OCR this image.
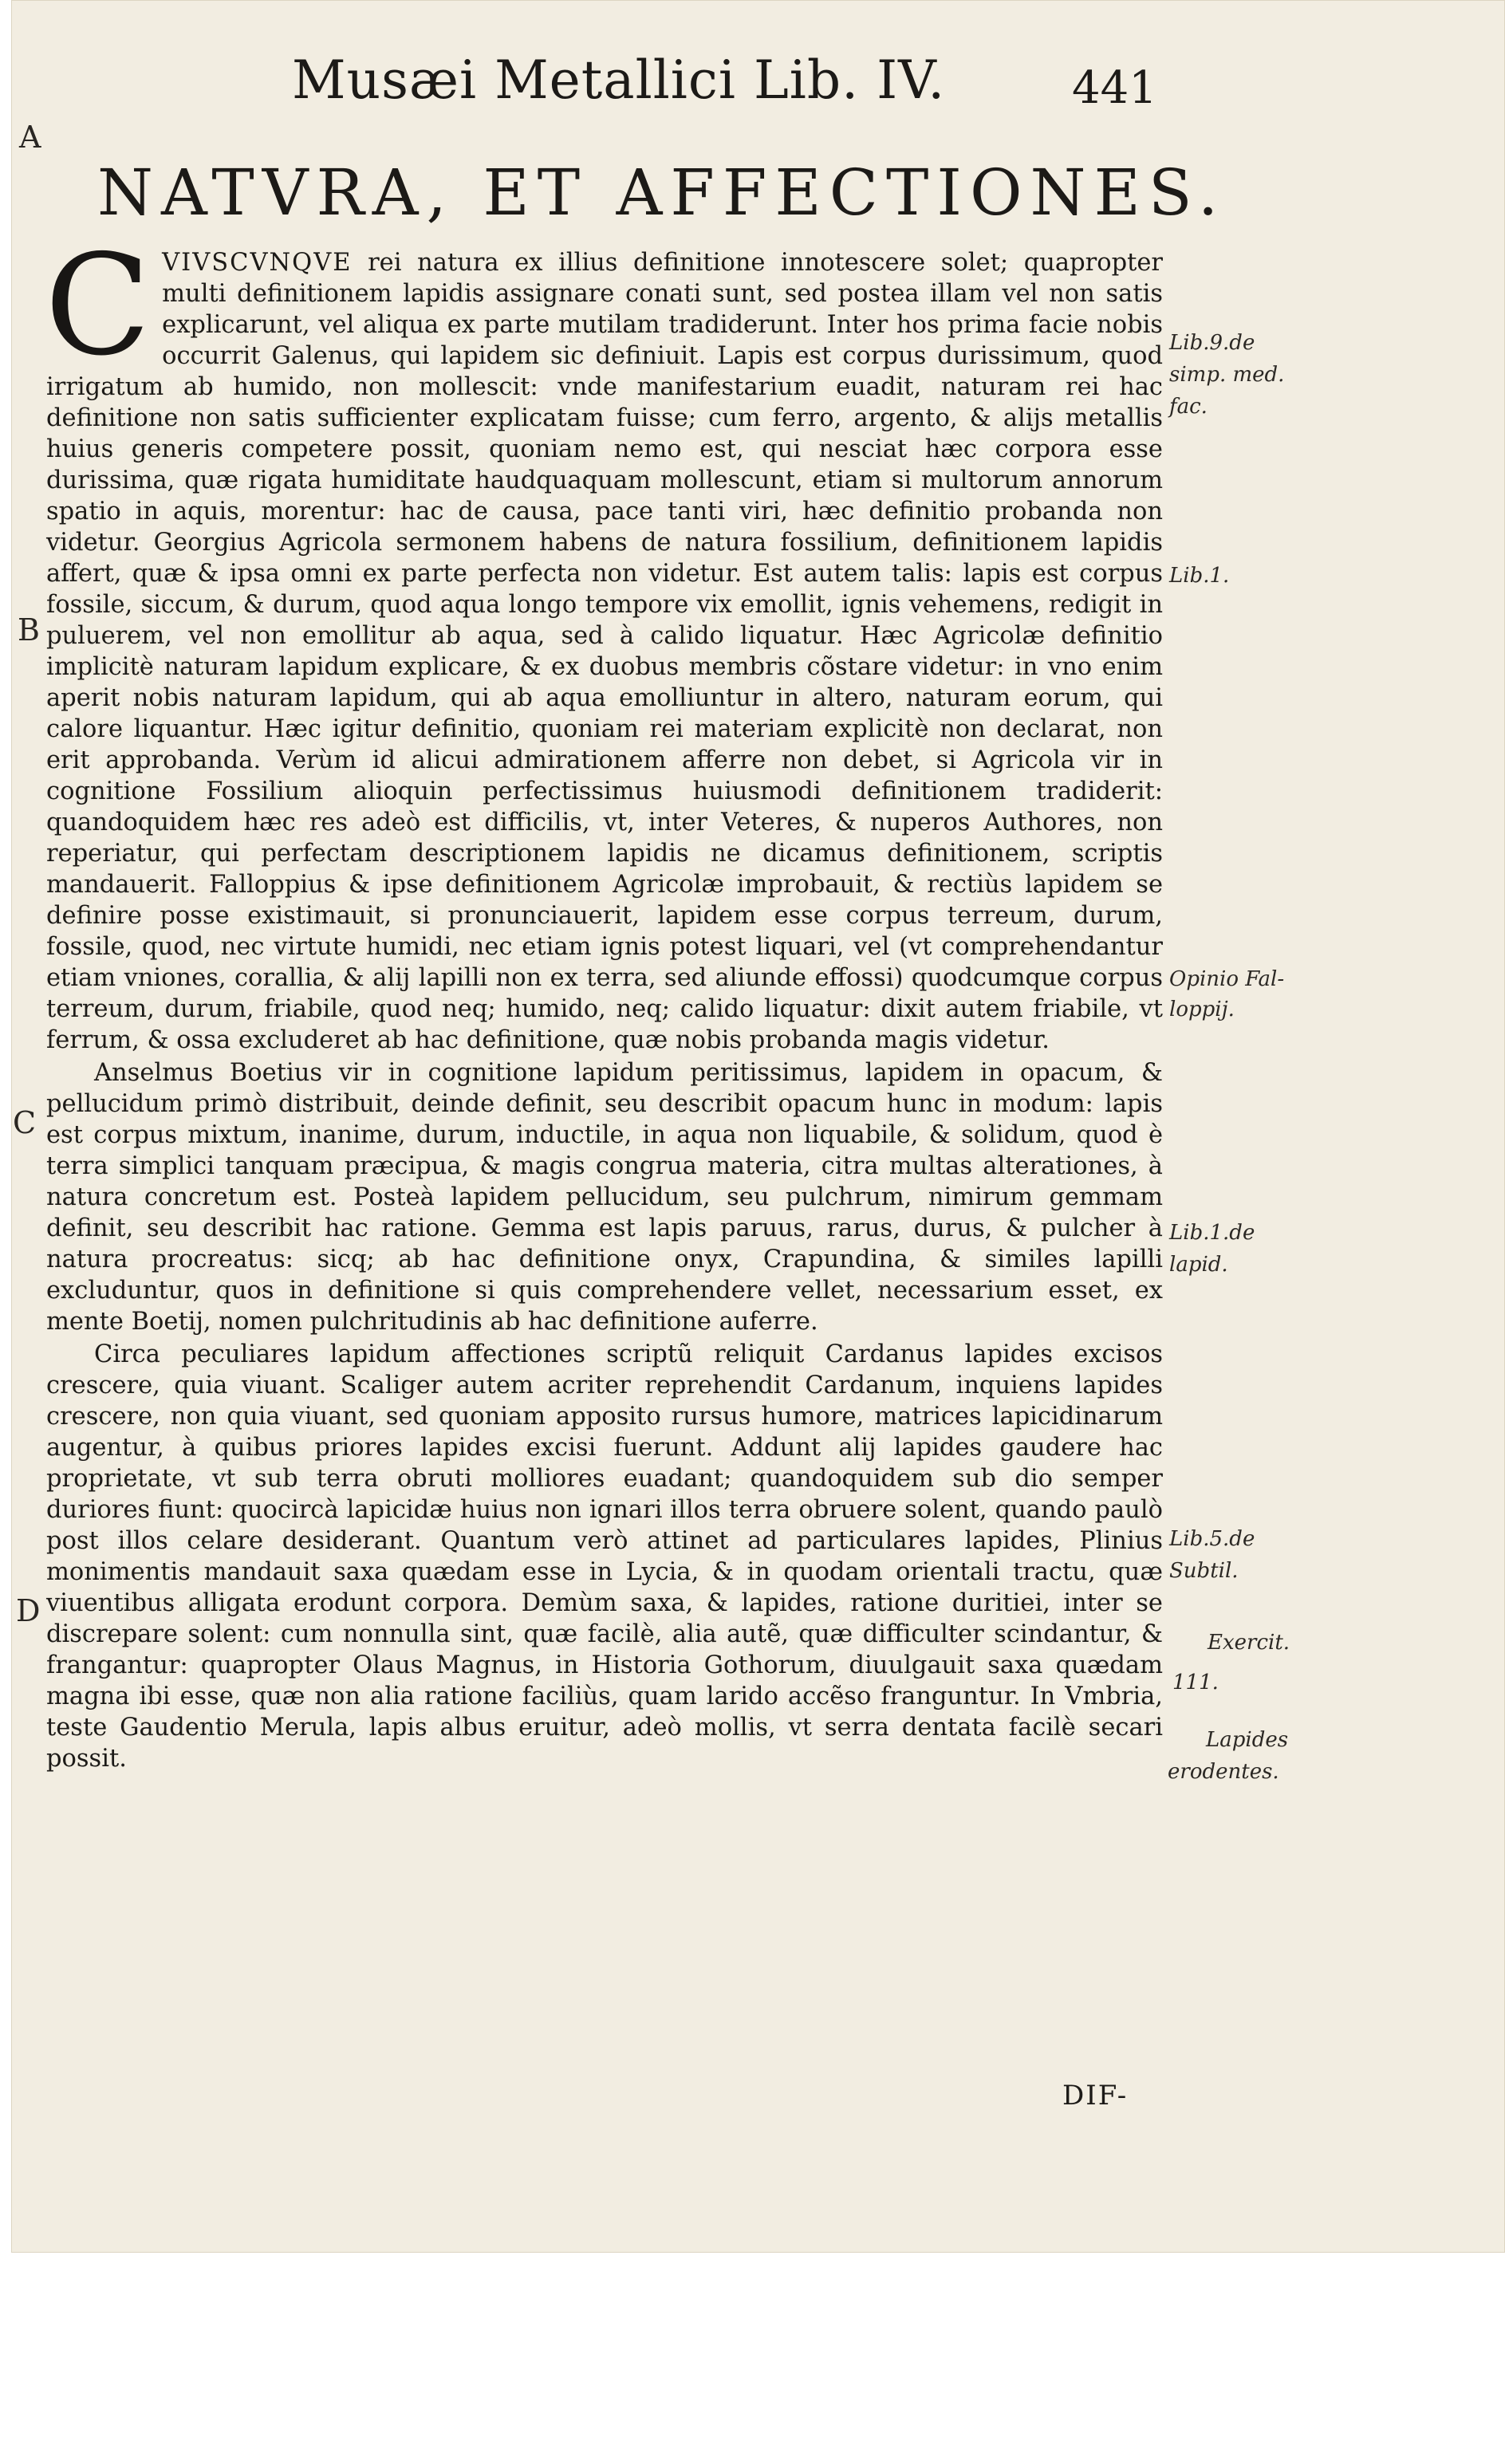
Musæi Metallici Lib. IV.	441
A
B
C
D
NATVRA, ET AFFECTIONES.

CVIVSCVNQVE rei natura ex illius definitione innotescere solet; quapropter multi definitionem lapidis assignare conati sunt, sed postea illam vel non satis explicarunt, vel aliqua ex parte mutilam tradiderunt. Inter hos prima facie nobis occurrit Galenus, qui lapidem sic definiuit. Lapis est corpus durissimum, quod irrigatum ab humido, non mollescit: vnde manifestarium euadit, naturam rei hac definitione non satis sufficienter explicatam fuisse; cum ferro, argento, & alijs metallis huius generis competere possit, quoniam nemo est, qui nesciat hæc corpora esse durissima, quæ rigata humiditate haudquaquam mollescunt, etiam si multorum annorum spatio in aquis, morentur: hac de causa, pace tanti viri, hæc definitio probanda non videtur. Georgius Agricola sermonem habens de natura fossilium, definitionem lapidis affert, quæ & ipsa omni ex parte perfecta non videtur. Est autem talis: lapis est corpus fossile, siccum, & durum, quod aqua longo tempore vix emollit, ignis vehemens, redigit in puluerem, vel non emollitur ab aqua, sed à calido liquatur. Hæc Agricolæ definitio implicitè naturam lapidum explicare, & ex duobus membris cõstare videtur: in vno enim aperit nobis naturam lapidum, qui ab aqua emolliuntur in altero, naturam eorum, qui calore liquantur. Hæc igitur definitio, quoniam rei materiam explicitè non declarat, non erit approbanda. Verùm id alicui admirationem afferre non debet, si Agricola vir in cognitione Fossilium alioquin perfectissimus huiusmodi definitionem tradiderit: quandoquidem hæc res adeò est difficilis, vt, inter Veteres, & nuperos Authores, non reperiatur, qui perfectam descriptionem lapidis ne dicamus definitionem, scriptis mandauerit. Falloppius & ipse definitionem Agricolæ improbauit, & rectiùs lapidem se definire posse existimauit, si pronunciauerit, lapidem esse corpus terreum, durum, fossile, quod, nec virtute humidi, nec etiam ignis potest liquari, vel (vt comprehendantur etiam vniones, corallia, & alij lapilli non ex terra, sed aliunde effossi) quodcumque corpus terreum, durum, friabile, quod neq; humido, neq; calido liquatur: dixit autem friabile, vt ferrum, & ossa excluderet ab hac definitione, quæ nobis probanda magis videtur.

Anselmus Boetius vir in cognitione lapidum peritissimus, lapidem in opacum, & pellucidum primò distribuit, deinde definit, seu describit opacum hunc in modum: lapis est corpus mixtum, inanime, durum, inductile, in aqua non liquabile, & solidum, quod è terra simplici tanquam præcipua, & magis congrua materia, citra multas alterationes, à natura concretum est. Posteà lapidem pellucidum, seu pulchrum, nimirum gemmam definit, seu describit hac ratione. Gemma est lapis paruus, rarus, durus, & pulcher à natura procreatus: sicq; ab hac definitione onyx, Crapundina, & similes lapilli excluduntur, quos in definitione si quis comprehendere vellet, necessarium esset, ex mente Boetij, nomen pulchritudinis ab hac definitione auferre.

Circa peculiares lapidum affectiones scriptũ reliquit Cardanus lapides excisos crescere, quia viuant. Scaliger autem acriter reprehendit Cardanum, inquiens lapides crescere, non quia viuant, sed quoniam apposito rursus humore, matrices lapicidinarum augentur, à quibus priores lapides excisi fuerunt. Addunt alij lapides gaudere hac proprietate, vt sub terra obruti molliores euadant; quandoquidem sub dio semper duriores fiunt: quocircà lapicidæ huius non ignari illos terra obruere solent, quando paulò post illos celare desiderant. Quantum verò attinet ad particulares lapides, Plinius monimentis mandauit saxa quædam esse in Lycia, & in quodam orientali tractu, quæ viuentibus alligata erodunt corpora. Demùm saxa, & lapides, ratione duritiei, inter se discrepare solent: cum nonnulla sint, quæ facilè, alia autẽ, quæ difficulter scindantur, & frangantur: quapropter Olaus Magnus, in Historia Gothorum, diuulgauit saxa quædam magna ibi esse, quæ non alia ratione faciliùs, quam larido accẽso franguntur. In Vmbria, teste Gaudentio Merula, lapis albus eruitur, adeò mollis, vt serra dentata facilè secari possit.

Lib.9.de
simp. med.
fac.
Lib.1.
Opinio Fal-
loppij.
Lib.1.de
lapid.
Lib.5.de
Subtil.
Exercit.
111.
Lapides
erodentes.
DIF-
